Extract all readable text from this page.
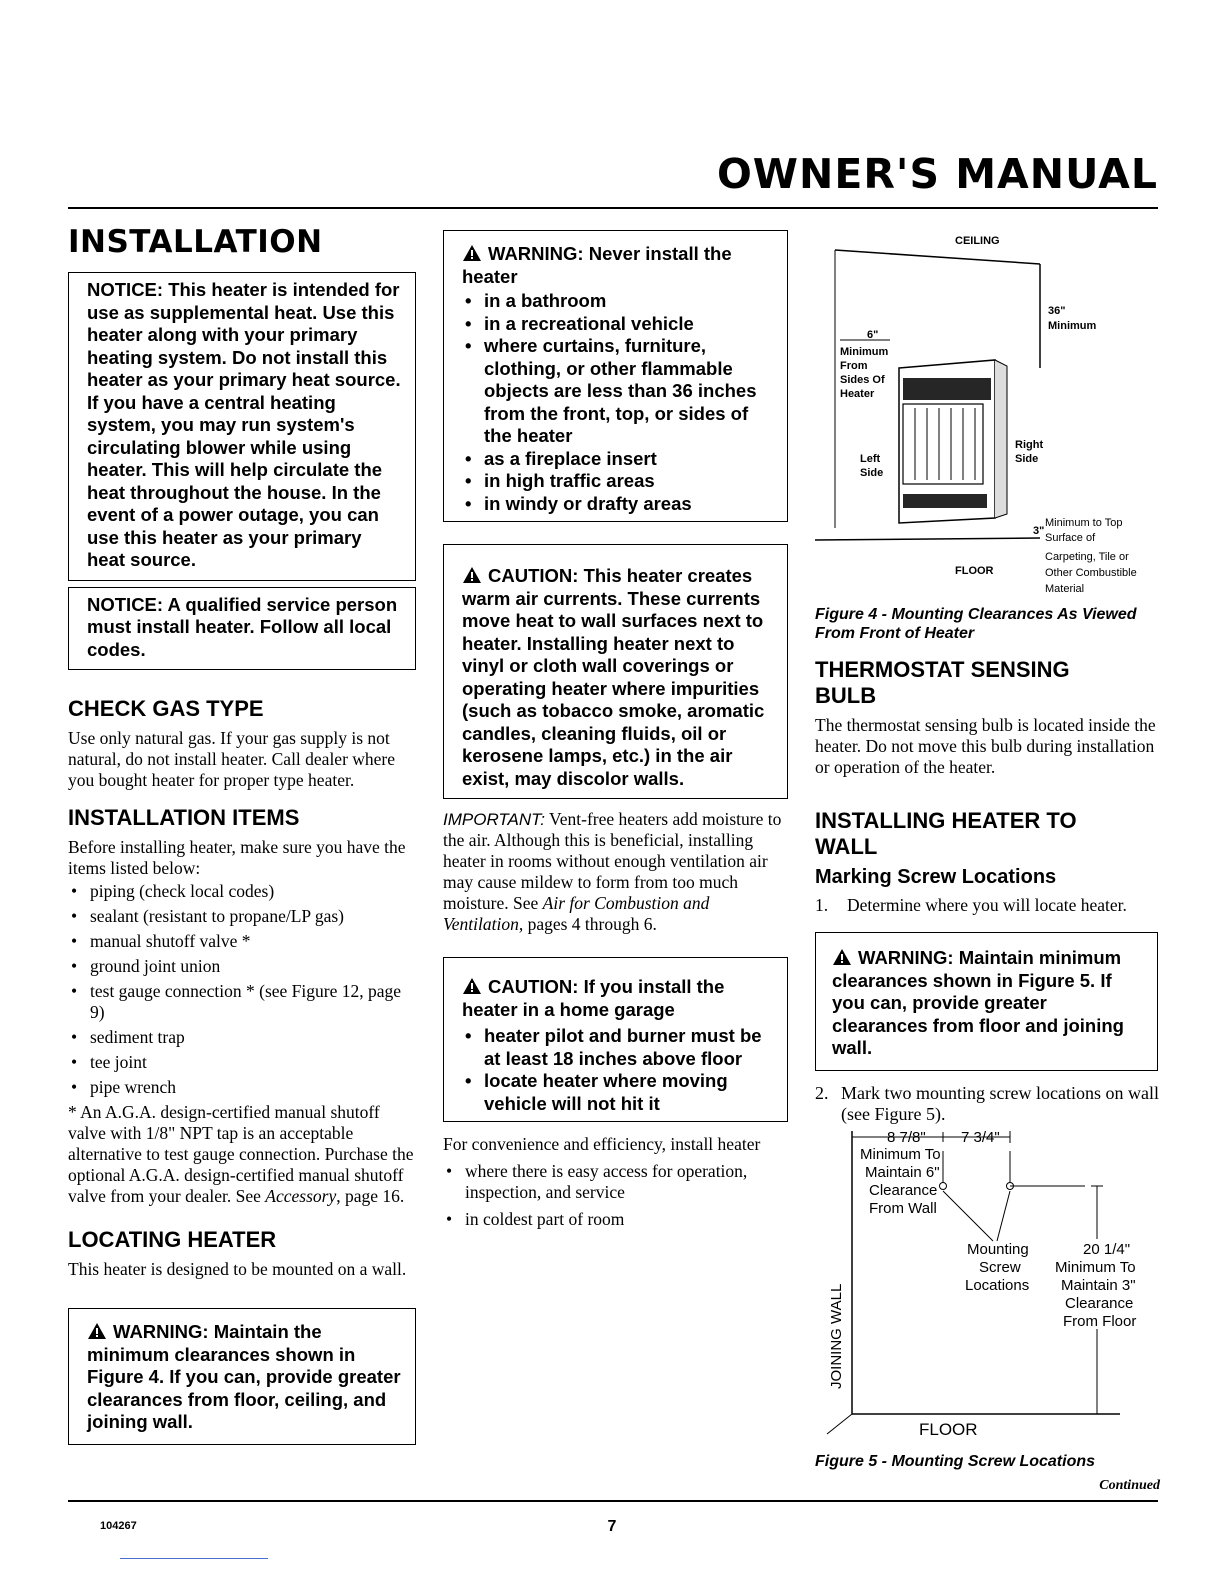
OWNER'S MANUAL
INSTALLATION
NOTICE: This heater is intended for use as supplemental heat. Use this heater along with your primary heating system. Do not install this heater as your primary heat source. If you have a central heating system, you may run system's circulating blower while using heater. This will help circulate the heat throughout the house. In the event of a power outage, you can use this heater as your primary heat source.
NOTICE: A qualified service person must install heater. Follow all local codes.
CHECK GAS TYPE

Use only natural gas. If your gas supply is not natural, do not install heater. Call dealer where you bought heater for proper type heater.

INSTALLATION ITEMS

Before installing heater, make sure you have the items listed below:

• piping (check local codes)
• sealant (resistant to propane/LP gas)
• manual shutoff valve *
• ground joint union
• test gauge connection * (see Figure 12, page 9)
• sediment trap
• tee joint
• pipe wrench

* An A.G.A. design-certified manual shutoff valve with 1/8" NPT tap is an acceptable alternative to test gauge connection. Purchase the optional A.G.A. design-certified manual shutoff valve from your dealer. See Accessory, page 16.

LOCATING HEATER

This heater is designed to be mounted on a wall.

WARNING: Maintain the minimum clearances shown in Figure 4. If you can, provide greater clearances from floor, ceiling, and joining wall.
WARNING: Never install the heater
• in a bathroom
• in a recreational vehicle
• where curtains, furniture, clothing, or other flammable objects are less than 36 inches from the front, top, or sides of the heater
• as a fireplace insert
• in high traffic areas
• in windy or drafty areas
CAUTION: This heater creates warm air currents. These currents move heat to wall surfaces next to heater. Installing heater next to vinyl or cloth wall coverings or operating heater where impurities (such as tobacco smoke, aromatic candles, cleaning fluids, oil or kerosene lamps, etc.) in the air exist, may discolor walls.

IMPORTANT: Vent-free heaters add moisture to the air. Although this is beneficial, installing heater in rooms without enough ventilation air may cause mildew to form from too much moisture. See Air for Combustion and Ventilation, pages 4 through 6.

CAUTION: If you install the heater in a home garage
• heater pilot and burner must be at least 18 inches above floor
• locate heater where moving vehicle will not hit it

For convenience and efficiency, install heater

• where there is easy access for operation, inspection, and service
• in coldest part of room
CEILING
36"
Minimum
6"
Minimum
From
Sides Of
Heater
Left
Side
Right
Side
FLOOR
3"
Minimum to Top
Surface of
Carpeting, Tile or
Other Combustible
Material
Figure 4 - Mounting Clearances As Viewed From Front of Heater
THERMOSTAT SENSING BULB

The thermostat sensing bulb is located inside the heater. Do not move this bulb during installation or operation of the heater.

INSTALLING HEATER TO WALL
Marking Screw Locations

1. Determine where you will locate heater.

WARNING: Maintain minimum clearances shown in Figure 5. If you can, provide greater clearances from floor and joining wall.

2. Mark two mounting screw locations on wall (see Figure 5).

8 7/8" 7 3/4"
Minimum To
Maintain 6"
Clearance
From Wall
Mounting
Screw
Locations
20 1/4"
Minimum To
Maintain 3"
Clearance
From Floor
JOINING WALL
FLOOR
Figure 5 - Mounting Screw Locations
Continued
104267	7
